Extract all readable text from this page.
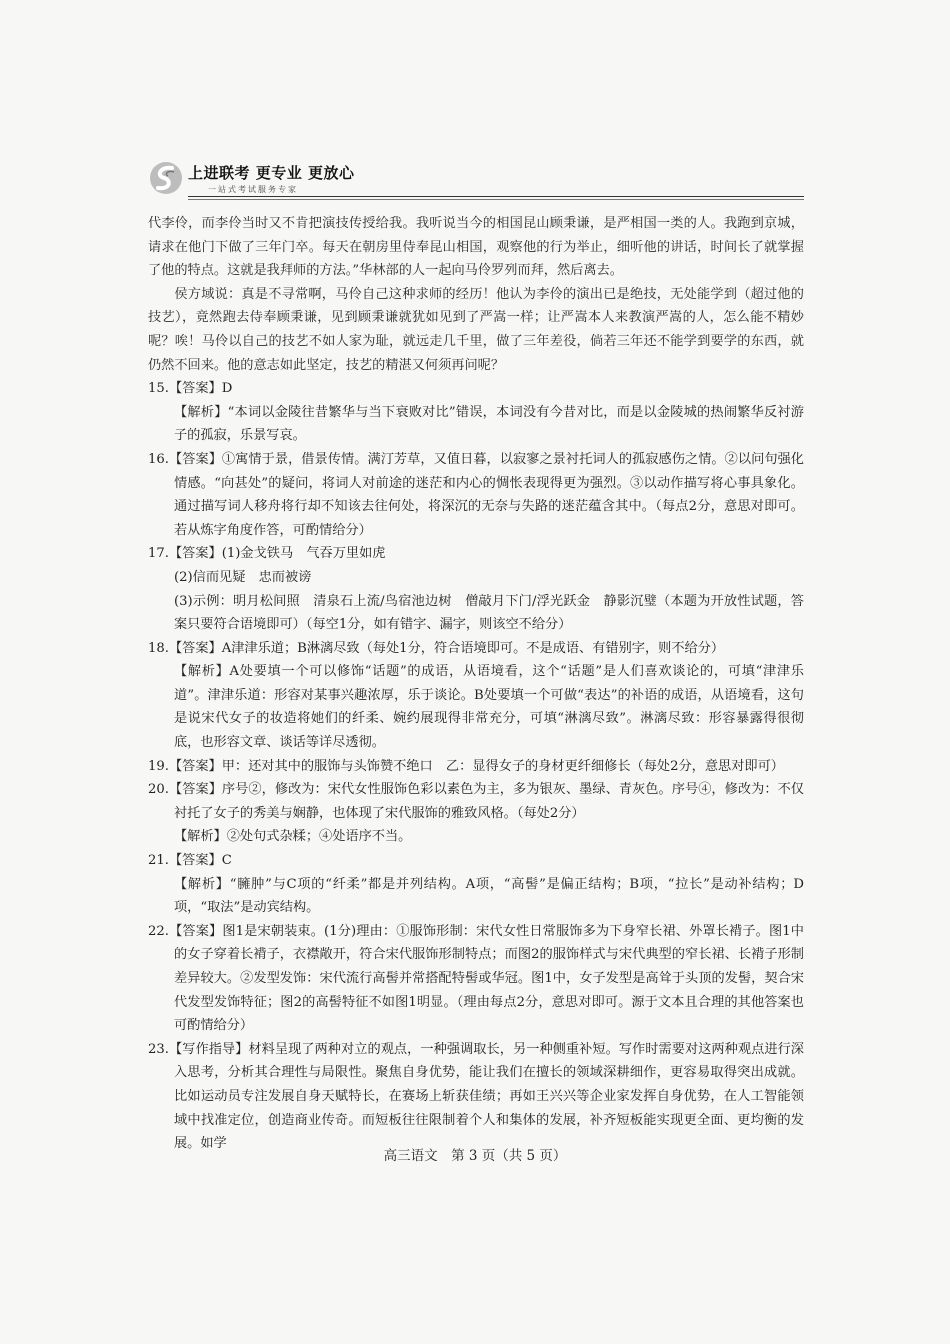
上进联考 更专业 更放心
一站式考试服务专家

代李伶，而李伶当时又不肯把演技传授给我。我听说当今的相国昆山顾秉谦，是严相国一类的人。我跑到京城，请求在他门下做了三年门卒。每天在朝房里侍奉昆山相国，观察他的行为举止，细听他的讲话，时间长了就掌握了他的特点。这就是我拜师的方法。”华林部的人一起向马伶罗列而拜，然后离去。

侯方域说：真是不寻常啊，马伶自己这种求师的经历！他认为李伶的演出已是绝技，无处能学到（超过他的技艺），竟然跑去侍奉顾秉谦，见到顾秉谦就犹如见到了严嵩一样；让严嵩本人来教演严嵩的人，怎么能不精妙呢？唉！马伶以自己的技艺不如人家为耻，就远走几千里，做了三年差役，倘若三年还不能学到要学的东西，就仍然不回来。他的意志如此坚定，技艺的精湛又何须再问呢？

15.【答案】D

【解析】“本词以金陵往昔繁华与当下衰败对比”错误，本词没有今昔对比，而是以金陵城的热闹繁华反衬游子的孤寂，乐景写哀。

16.【答案】①寓情于景，借景传情。满汀芳草，又值日暮，以寂寥之景衬托词人的孤寂感伤之情。②以问句强化情感。“向甚处”的疑问，将词人对前途的迷茫和内心的惆怅表现得更为强烈。③以动作描写将心事具象化。通过描写词人移舟将行却不知该去往何处，将深沉的无奈与失路的迷茫蕴含其中。（每点2分，意思对即可。若从炼字角度作答，可酌情给分）

17.【答案】(1)金戈铁马　气吞万里如虎

(2)信而见疑　忠而被谤

(3)示例：明月松间照　清泉石上流/鸟宿池边树　僧敲月下门/浮光跃金　静影沉璧（本题为开放性试题，答案只要符合语境即可）（每空1分，如有错字、漏字，则该空不给分）

18.【答案】A津津乐道；B淋漓尽致（每处1分，符合语境即可。不是成语、有错别字，则不给分）

【解析】A处要填一个可以修饰“话题”的成语，从语境看，这个“话题”是人们喜欢谈论的，可填“津津乐道”。津津乐道：形容对某事兴趣浓厚，乐于谈论。B处要填一个可做“表达”的补语的成语，从语境看，这句是说宋代女子的妆造将她们的纤柔、婉约展现得非常充分，可填“淋漓尽致”。淋漓尽致：形容暴露得很彻底，也形容文章、谈话等详尽透彻。

19.【答案】甲：还对其中的服饰与头饰赞不绝口　乙：显得女子的身材更纤细修长（每处2分，意思对即可）

20.【答案】序号②，修改为：宋代女性服饰色彩以素色为主，多为银灰、墨绿、青灰色。序号④，修改为：不仅衬托了女子的秀美与娴静，也体现了宋代服饰的雅致风格。（每处2分）

【解析】②处句式杂糅；④处语序不当。

21.【答案】C

【解析】“臃肿”与C项的“纤柔”都是并列结构。A项，“高髻”是偏正结构；B项，“拉长”是动补结构；D项，“取法”是动宾结构。

22.【答案】图1是宋朝装束。(1分)理由：①服饰形制：宋代女性日常服饰多为下身窄长裙、外罩长褙子。图1中的女子穿着长褙子，衣襟敞开，符合宋代服饰形制特点；而图2的服饰样式与宋代典型的窄长裙、长褙子形制差异较大。②发型发饰：宋代流行高髻并常搭配特髻或华冠。图1中，女子发型是高耸于头顶的发髻，契合宋代发型发饰特征；图2的高髻特征不如图1明显。（理由每点2分，意思对即可。源于文本且合理的其他答案也可酌情给分）

23.【写作指导】材料呈现了两种对立的观点，一种强调取长，另一种侧重补短。写作时需要对这两种观点进行深入思考，分析其合理性与局限性。聚焦自身优势，能让我们在擅长的领域深耕细作，更容易取得突出成就。比如运动员专注发展自身天赋特长，在赛场上斩获佳绩；再如王兴兴等企业家发挥自身优势，在人工智能领域中找准定位，创造商业传奇。而短板往往限制着个人和集体的发展，补齐短板能实现更全面、更均衡的发展。如学

高三语文　第 3 页（共 5 页）
